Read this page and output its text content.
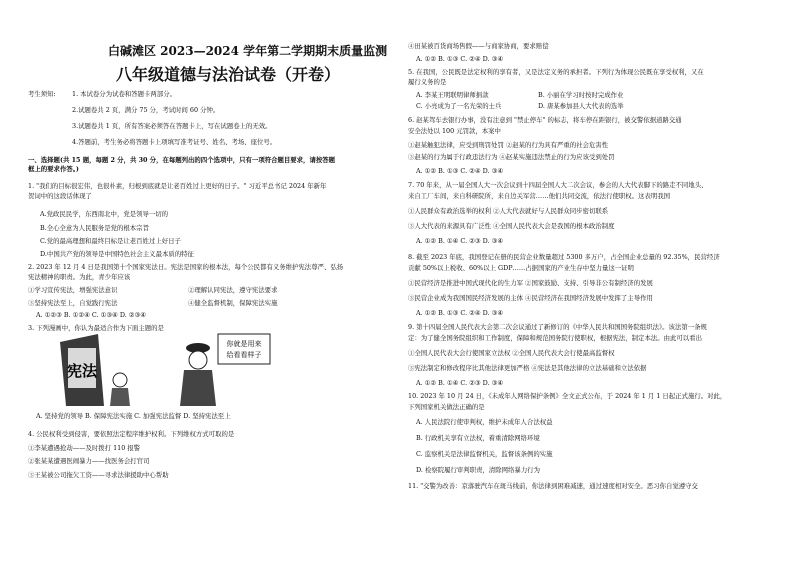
白碱滩区 2023—2024 学年第二学期期末质量监测
八年级道德与法治试卷（开卷）
考生须知:	1. 本试卷分为试卷和答题卡两部分。
2.试题卷共 2 页，满分 75 分，考试时间 60 分钟。
3.试题卷共 1 页，所有答案必须答在答题卡上，写在试题卷上的无效。
4.答题前，考生务必将答题卡上项填写准考证号、姓名、考场、座位号。
一、选择题(共 15 题，每题 2 分，共 30 分，在每题列出的四个选项中，只有一项符合题目要求，请按答题
框上的要求作答。)
1. "我们的目标很宏伟，也很朴素，归根到底就是让老百姓过上更好的日子。" 习近平总书记 2024 年新年
贺词中的这段话体现了
A.党政民民学，东西南北中，党是领导一切的
B.全心全意为人民服务是党的根本宗旨
C.党的最高理想和最终目标是让老百姓过上好日子
D.中国共产党的领导是中国特色社会主义最本质的特征
2. 2023 年 12 月 4 日是我国第十个国家宪法日。宪法是国家的根本法，每个公民都有义务维护宪法尊严、弘扬
宪法精神的职责。为此，青少年应该
①学习宣传宪法，增强宪法意识	②理解认同宪法，遵守宪法要求
③坚持宪法至上，自觉践行宪法	④健全监督机制，保障宪法实施
A. ①②③ B. ①②④ C. ①③④ D. ②③④
3. 下列漫画中，你认为最适合作为下面主题的是
宪法
你就是用来
给看看样子
A. 坚持党的领导 B. 保障宪法实施 C. 加强宪法监督 D. 坚持宪法至上
4. 公民权利受到侵害，要依照法定程序维护权利。下列维权方式可取的是
①李某遭遇抢劫——及时拨打 110 报警
②张某某遭遇医闹暴力——找医务会打官司
③王某被公司拖欠工资——寻求法律援助中心帮助
④田某被百货商场售假——与商家协商，要求赔偿
A. ①② B. ①③ C. ②④ D. ③④
5. 在我国，公民既是法定权利的享有者，又是法定义务的承担者。下列行为体现公民既在享受权利，又在
履行义务的是
A. 李某王明联明律师捐款	B. 小丽在学习时按时完成作业
C. 小亮成为了一名光荣的士兵	D. 唐某参加县人大代表的选举
6. 赵某驾车去银行办事，没有注意到 "禁止停车" 的标志，将车停在距银行，被交警依据道路交通
安全法处以 100 元罚款，本案中
①赵某触犯法律，应受到刑罚处罚 ②赵某的行为具有严重的社会危害性
③赵某的行为属于行政违法行为 ④赵某实施违法禁止的行为应该受到处罚
A. ①② B. ①③ C. ②④ D. ③④
7. 70 年来，从一届全国人大一次会议到十四届全国人大二次会议，参会的人大代表脚下的路走不同地头、
来自工厂车间，来自科研院所，来自边关军营……他们共同交流，依法行使职权。这表明我国
①人民群众有政治选举的权利 ②人大代表就好与人民群众同步密切联系
③人大代表的来源具有广泛性 ④全国人民代表大会是我国的根本政治制度
A. ①② B. ①④ C. ②③ D. ③④
8. 截至 2023 年底，我国登记在册的民营企业数量超过 5300 多万户，占全国企业总量的 92.35%，民营经济
贡献 50%以上税收、60%以上 GDP……占据国家的产业生存中坚力量这一证明
①民营经济是推进中国式现代化的生力军 ②国家鼓励、支持、引导非公有制经济的发展
③民营企业成为我国国民经济发展的主体 ④民营经济在我国经济发展中发挥了主导作用
A. ①② B. ①③ C. ②④ D. ③④
9. 第十四届全国人民代表大会第二次会议通过了新修订的《中华人民共和国国务院组织法》。该法第一条规
定：为了健全国务院组织和工作制度，保障和规范国务院行使职权，根据宪法，制定本法。由此可以看出
①全国人民代表大会行使国家立法权 ②全国人民代表大会行使最高监督权
③宪法制定和修改程序比其他法律更加严格 ④宪法是其他法律的立法基础和立法依据
A. ①② B. ①④ C. ②③ D. ③④
10. 2023 年 10 月 24 日，《未成年人网络保护条例》全文正式公布，于 2024 年 1 月 1 日起正式施行。对此，
下列国家机关做法正确的是
A. 人民法院行使审判权，维护未成年人合法权益
B. 行政机关享有立法权，着重清除网络环境
C. 监察机关是法律监督机关，监督该条例的实施
D. 检察院履行审判职责，清除网络暴力行为
11. "交警为改善：京落驶汽车在斑马线前，你法律到困难减速，通过速度相对安全。恶习你自觉遵守交
